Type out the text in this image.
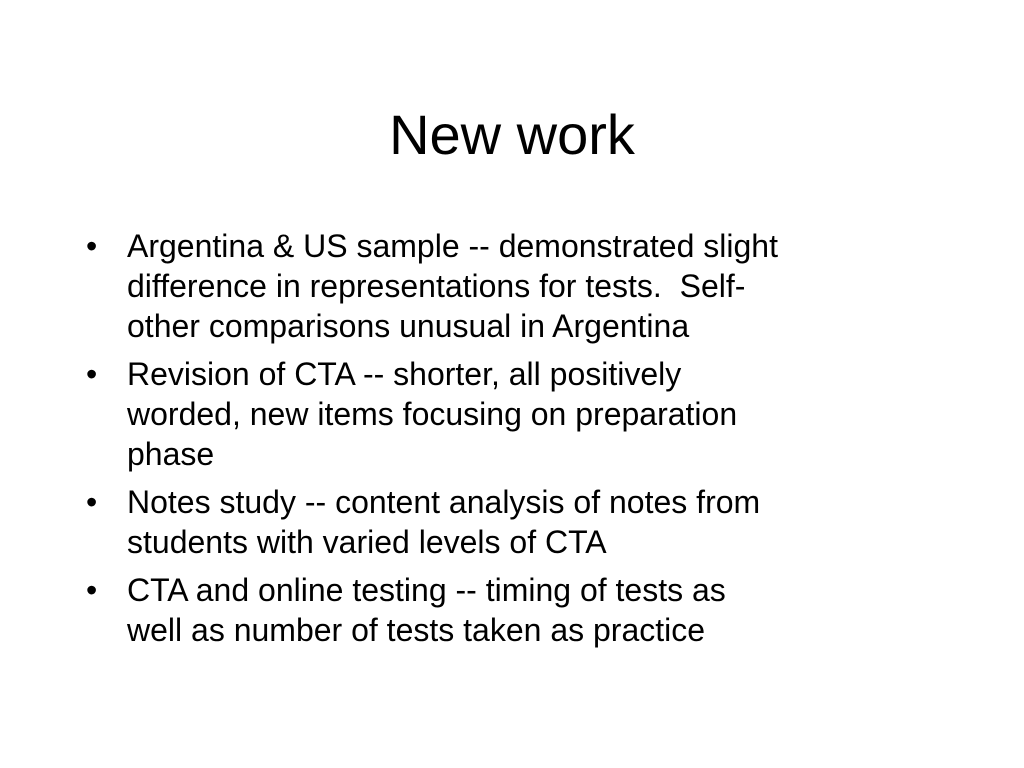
New work
• Argentina & US sample -- demonstrated slight
difference in representations for tests.  Self-
other comparisons unusual in Argentina
• Revision of CTA -- shorter, all positively
worded, new items focusing on preparation
phase
• Notes study -- content analysis of notes from
students with varied levels of CTA
• CTA and online testing -- timing of tests as
well as number of tests taken as practice
